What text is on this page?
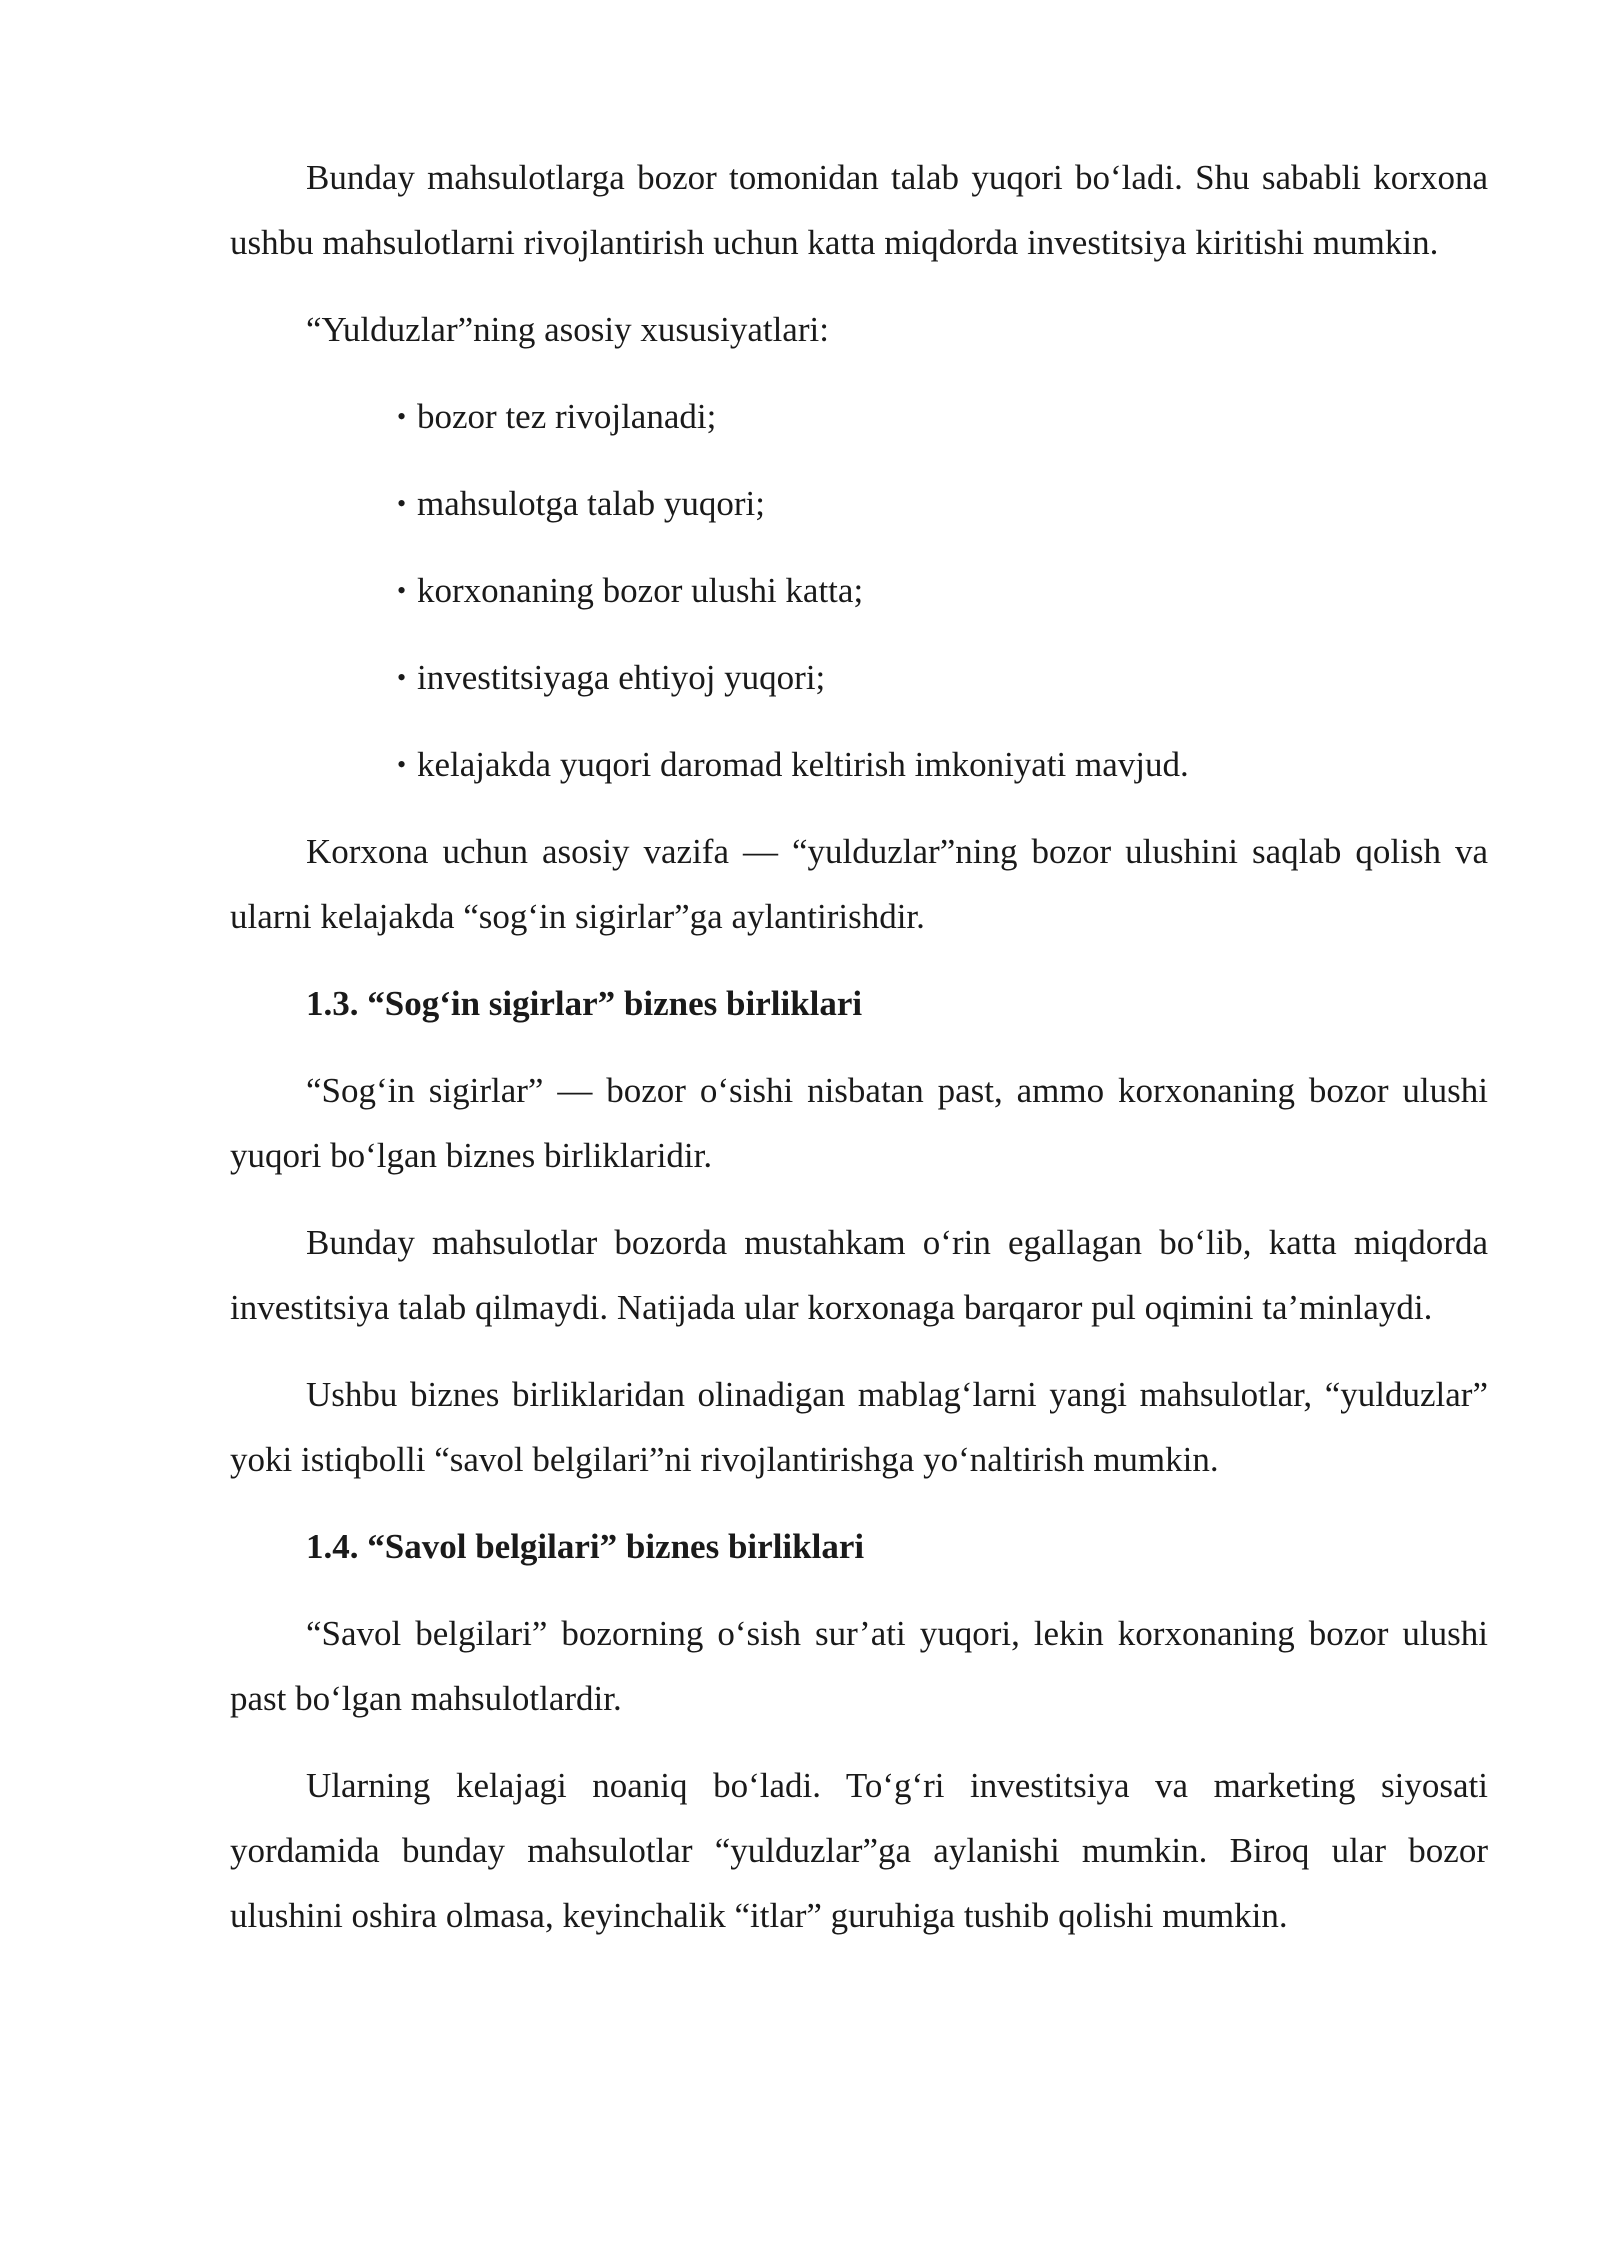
Bunday mahsulotlarga bozor tomonidan talab yuqori bo‘ladi. Shu sababli korxona ushbu mahsulotlarni rivojlantirish uchun katta miqdorda investitsiya kiritishi mumkin.

“Yulduzlar”ning asosiy xususiyatlari:

• bozor tez rivojlanadi;
• mahsulotga talab yuqori;
• korxonaning bozor ulushi katta;
• investitsiyaga ehtiyoj yuqori;
• kelajakda yuqori daromad keltirish imkoniyati mavjud.

Korxona uchun asosiy vazifa — “yulduzlar”ning bozor ulushini saqlab qolish va ularni kelajakda “sog‘in sigirlar”ga aylantirishdir.

1.3. “Sog‘in sigirlar” biznes birliklari

“Sog‘in sigirlar” — bozor o‘sishi nisbatan past, ammo korxonaning bozor ulushi yuqori bo‘lgan biznes birliklaridir.

Bunday mahsulotlar bozorda mustahkam o‘rin egallagan bo‘lib, katta miqdorda investitsiya talab qilmaydi. Natijada ular korxonaga barqaror pul oqimini ta’minlaydi.

Ushbu biznes birliklaridan olinadigan mablag‘larni yangi mahsulotlar, “yulduzlar” yoki istiqbolli “savol belgilari”ni rivojlantirishga yo‘naltirish mumkin.

1.4. “Savol belgilari” biznes birliklari

“Savol belgilari” bozorning o‘sish sur’ati yuqori, lekin korxonaning bozor ulushi past bo‘lgan mahsulotlardir.

Ularning kelajagi noaniq bo‘ladi. To‘g‘ri investitsiya va marketing siyosati yordamida bunday mahsulotlar “yulduzlar”ga aylanishi mumkin. Biroq ular bozor ulushini oshira olmasa, keyinchalik “itlar” guruhiga tushib qolishi mumkin.
